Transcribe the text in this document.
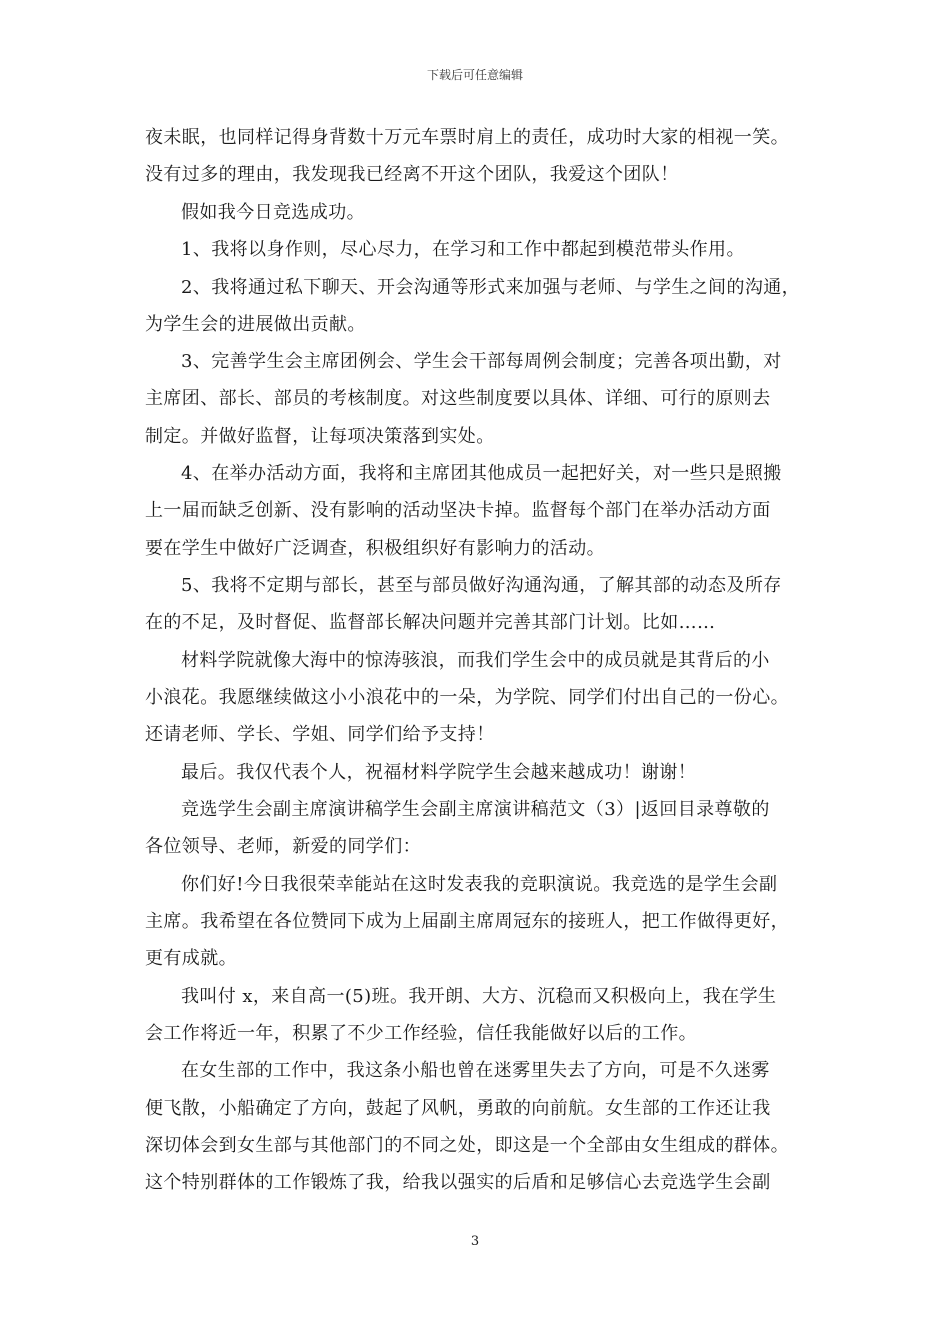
下载后可任意编辑
夜未眠，也同样记得身背数十万元车票时肩上的责任，成功时大家的相视一笑。
没有过多的理由，我发现我已经离不开这个团队，我爱这个团队！
假如我今日竞选成功。
1、我将以身作则，尽心尽力，在学习和工作中都起到模范带头作用。
2、我将通过私下聊天、开会沟通等形式来加强与老师、与学生之间的沟通，
为学生会的进展做出贡献。
3、完善学生会主席团例会、学生会干部每周例会制度；完善各项出勤，对
主席团、部长、部员的考核制度。对这些制度要以具体、详细、可行的原则去
制定。并做好监督，让每项决策落到实处。
4、在举办活动方面，我将和主席团其他成员一起把好关，对一些只是照搬
上一届而缺乏创新、没有影响的活动坚决卡掉。监督每个部门在举办活动方面
要在学生中做好广泛调查，积极组织好有影响力的活动。
5、我将不定期与部长，甚至与部员做好沟通沟通，了解其部的动态及所存
在的不足，及时督促、监督部长解决问题并完善其部门计划。比如……
材料学院就像大海中的惊涛骇浪，而我们学生会中的成员就是其背后的小
小浪花。我愿继续做这小小浪花中的一朵，为学院、同学们付出自己的一份心。
还请老师、学长、学姐、同学们给予支持！
最后。我仅代表个人，祝福材料学院学生会越来越成功！谢谢！
竞选学生会副主席演讲稿学生会副主席演讲稿范文（3）|返回目录尊敬的
各位领导、老师，新爱的同学们：
你们好!今日我很荣幸能站在这时发表我的竞职演说。我竞选的是学生会副
主席。我希望在各位赞同下成为上届副主席周冠东的接班人，把工作做得更好，
更有成就。
我叫付 x，来自高一(5)班。我开朗、大方、沉稳而又积极向上，我在学生
会工作将近一年，积累了不少工作经验，信任我能做好以后的工作。
在女生部的工作中，我这条小船也曾在迷雾里失去了方向，可是不久迷雾
便飞散，小船确定了方向，鼓起了风帆，勇敢的向前航。女生部的工作还让我
深切体会到女生部与其他部门的不同之处，即这是一个全部由女生组成的群体。
这个特别群体的工作锻炼了我，给我以强实的后盾和足够信心去竞选学生会副
3
